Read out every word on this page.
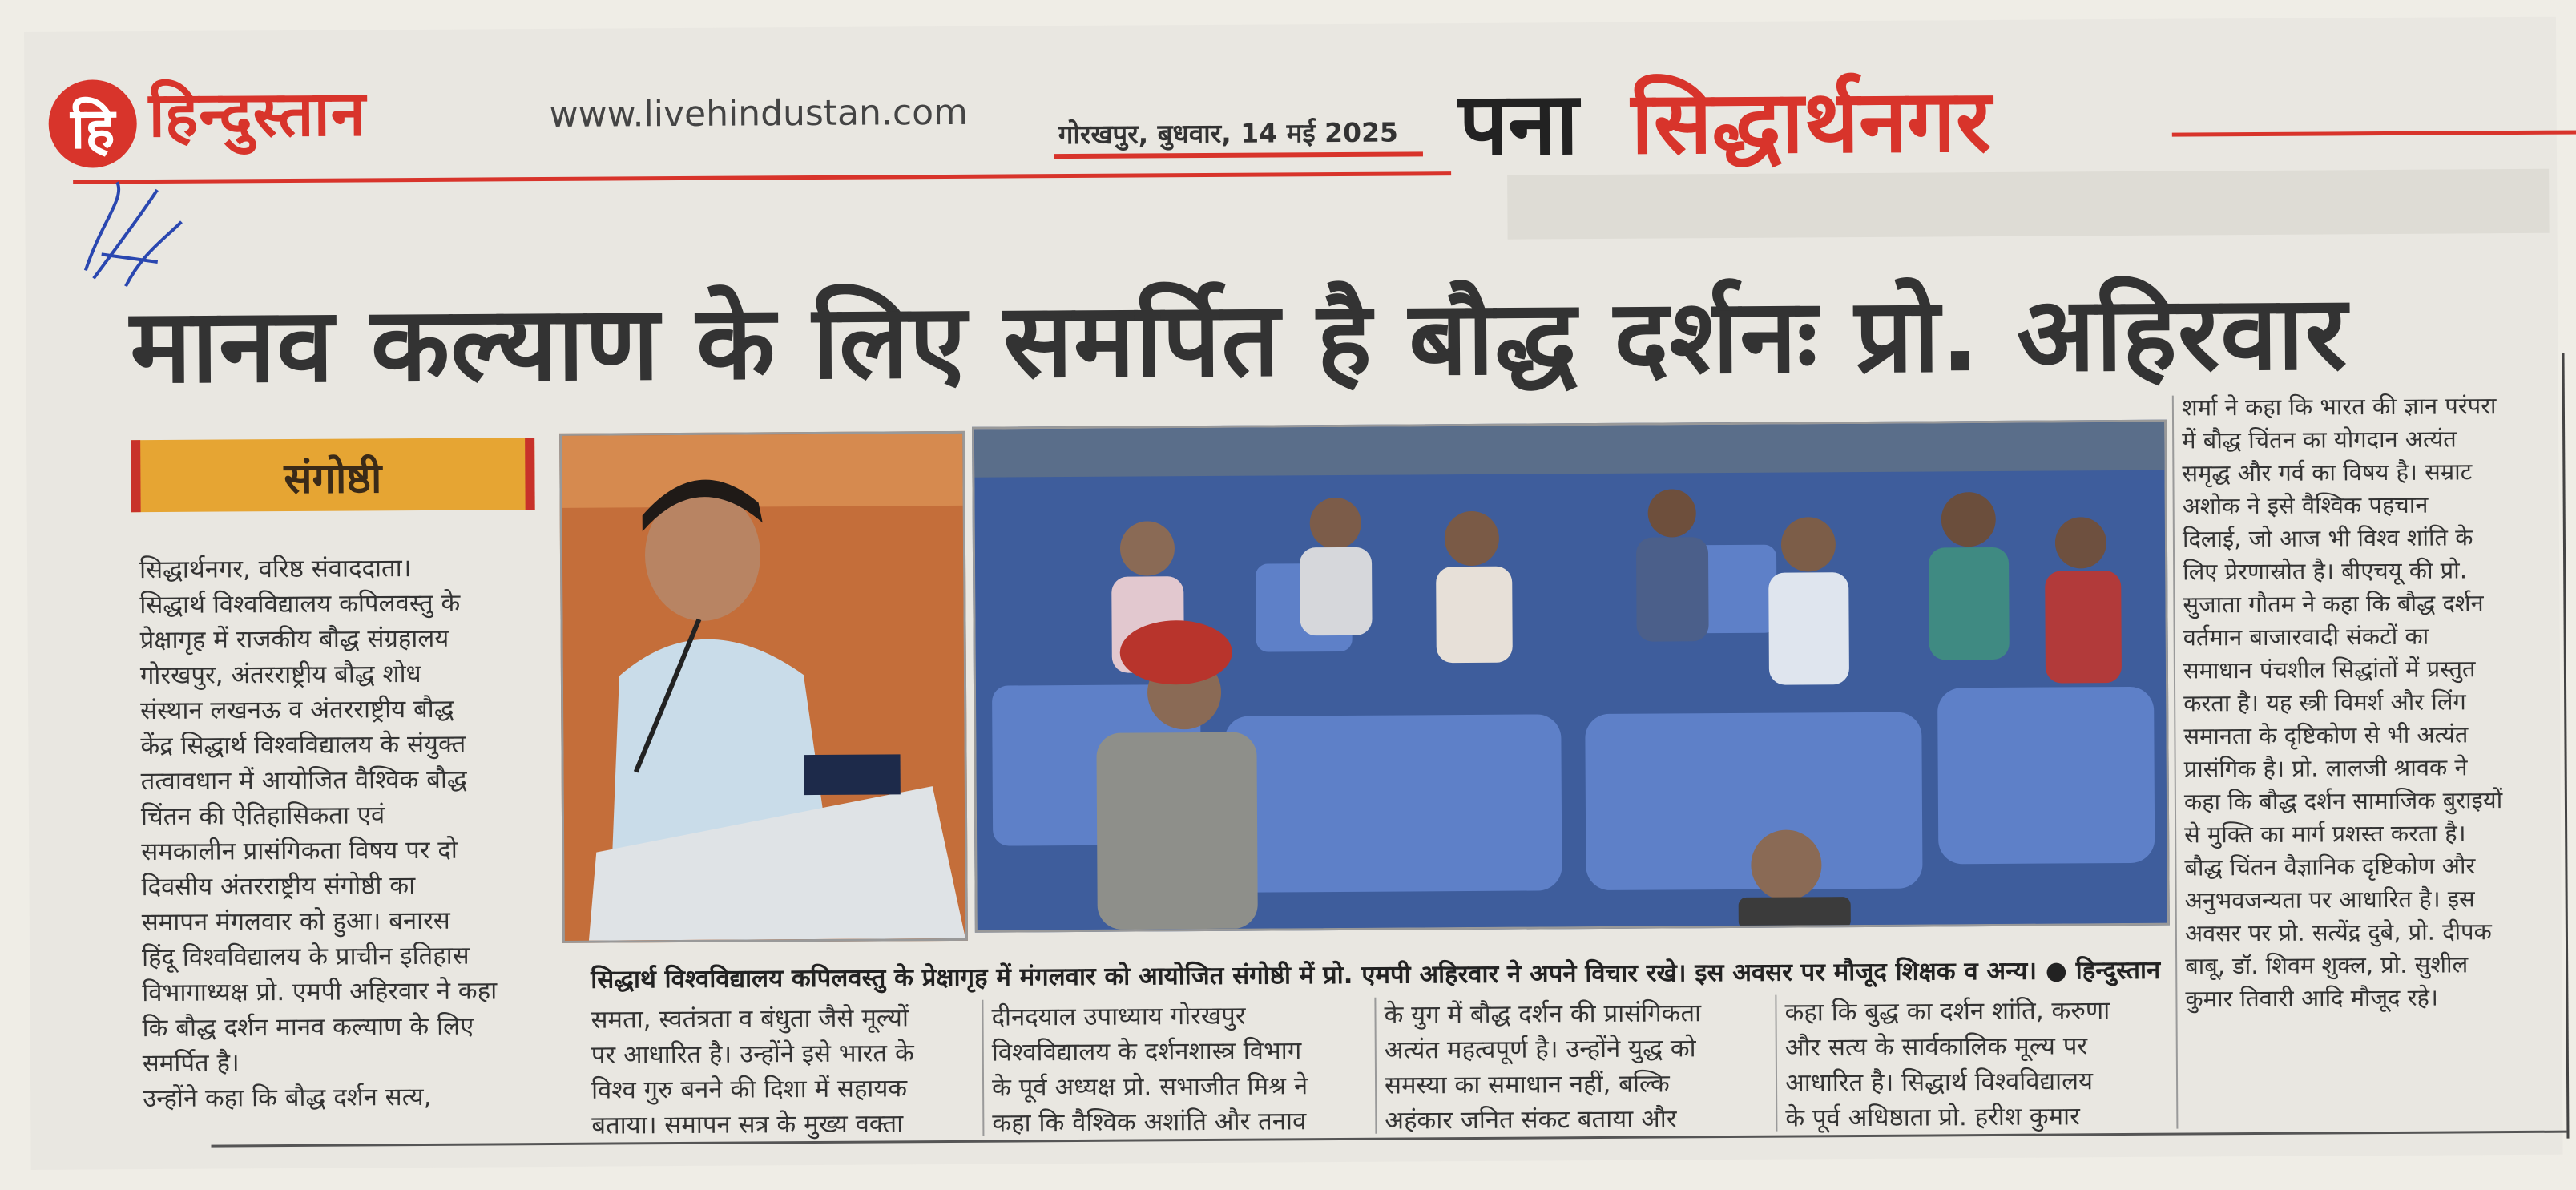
हि हिन्दुस्तान	www.livehindustan.com	गोरखपुर, बुधवार, 14 मई 2025 पना सिद्धार्थनगर
मानव कल्याण के लिए समर्पित है बौद्ध दर्शनः प्रो. अहिरवार
संगोष्ठी
सिद्धार्थनगर, वरिष्ठ संवाददाता।
सिद्धार्थ विश्वविद्यालय कपिलवस्तु के
प्रेक्षागृह में राजकीय बौद्ध संग्रहालय
गोरखपुर, अंतरराष्ट्रीय बौद्ध शोध
संस्थान लखनऊ व अंतरराष्ट्रीय बौद्ध
केंद्र सिद्धार्थ विश्वविद्यालय के संयुक्त
तत्वावधान में आयोजित वैश्विक बौद्ध
चिंतन की ऐतिहासिकता एवं
समकालीन प्रासंगिकता विषय पर दो
दिवसीय अंतरराष्ट्रीय संगोष्ठी का
समापन मंगलवार को हुआ। बनारस
हिंदू विश्वविद्यालय के प्राचीन इतिहास
विभागाध्यक्ष प्रो. एमपी अहिरवार ने कहा
कि बौद्ध दर्शन मानव कल्याण के लिए
समर्पित है।
उन्होंने कहा कि बौद्ध दर्शन सत्य,
सिद्धार्थ विश्वविद्यालय कपिलवस्तु के प्रेक्षागृह में मंगलवार को आयोजित संगोष्ठी में प्रो. एमपी अहिरवार ने अपने विचार रखे। इस अवसर पर मौजूद शिक्षक व अन्य। ● हिन्दुस्तान
समता, स्वतंत्रता व बंधुता जैसे मूल्यों
पर आधारित है। उन्होंने इसे भारत के
विश्व गुरु बनने की दिशा में सहायक
बताया। समापन सत्र के मुख्य वक्ता
दीनदयाल उपाध्याय गोरखपुर
विश्वविद्यालय के दर्शनशास्त्र विभाग
के पूर्व अध्यक्ष प्रो. सभाजीत मिश्र ने
कहा कि वैश्विक अशांति और तनाव
के युग में बौद्ध दर्शन की प्रासंगिकता
अत्यंत महत्वपूर्ण है। उन्होंने युद्ध को
समस्या का समाधान नहीं, बल्कि
अहंकार जनित संकट बताया और
कहा कि बुद्ध का दर्शन शांति, करुणा
और सत्य के सार्वकालिक मूल्य पर
आधारित है। सिद्धार्थ विश्वविद्यालय
के पूर्व अधिष्ठाता प्रो. हरीश कुमार
शर्मा ने कहा कि भारत की ज्ञान परंपरा
में बौद्ध चिंतन का योगदान अत्यंत
समृद्ध और गर्व का विषय है। सम्राट
अशोक ने इसे वैश्विक पहचान
दिलाई, जो आज भी विश्व शांति के
लिए प्रेरणास्रोत है। बीएचयू की प्रो.
सुजाता गौतम ने कहा कि बौद्ध दर्शन
वर्तमान बाजारवादी संकटों का
समाधान पंचशील सिद्धांतों में प्रस्तुत
करता है। यह स्त्री विमर्श और लिंग
समानता के दृष्टिकोण से भी अत्यंत
प्रासंगिक है। प्रो. लालजी श्रावक ने
कहा कि बौद्ध दर्शन सामाजिक बुराइयों
से मुक्ति का मार्ग प्रशस्त करता है।
बौद्ध चिंतन वैज्ञानिक दृष्टिकोण और
अनुभवजन्यता पर आधारित है। इस
अवसर पर प्रो. सत्येंद्र दुबे, प्रो. दीपक
बाबू, डॉ. शिवम शुक्ल, प्रो. सुशील
कुमार तिवारी आदि मौजूद रहे।
